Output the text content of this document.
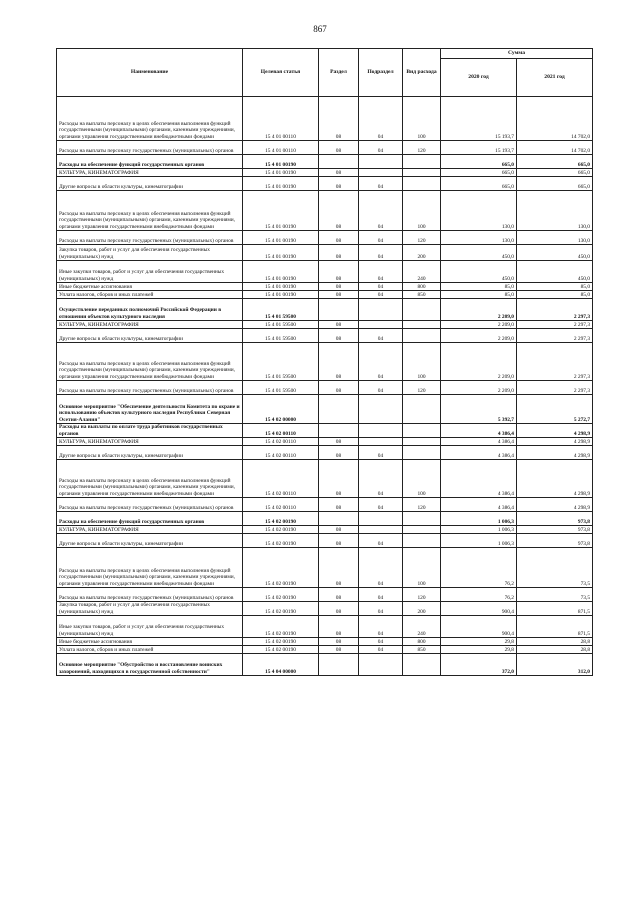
867
Наименование	Целевая статья	Раздел	Подраздел	Вид расхода	Сумма	
					2020 год	2021 год
Расходы на выплаты персоналу в целях обеспечения выполнения функций государственными (муниципальными) органами, казенными учреждениями, органами управления государственными внебюджетными фондами	15 4 01 00110	08	04	100	15 193,7	14 702,0
Расходы на выплаты персоналу государственных (муниципальных) органов	15 4 01 00110	08	04	120	15 193,7	14 702,0
Расходы на обеспечение функций государственных органов	15 4 01 00190				665,0	665,0
КУЛЬТУРА, КИНЕМАТОГРАФИЯ	15 4 01 00190	08			665,0	665,0
Другие вопросы в области культуры, кинематографии	15 4 01 00190	08	04		665,0	665,0
Расходы на выплаты персоналу в целях обеспечения выполнения функций государственными (муниципальными) органами, казенными учреждениями, органами управления государственными внебюджетными фондами	15 4 01 00190	08	04	100	130,0	130,0
Расходы на выплаты персоналу государственных (муниципальных) органов	15 4 01 00190	08	04	120	130,0	130,0
Закупка товаров, работ и услуг для обеспечения государственных (муниципальных) нужд	15 4 01 00190	08	04	200	450,0	450,0
Иные закупки товаров, работ и услуг для обеспечения государственных (муниципальных) нужд	15 4 01 00190	08	04	240	450,0	450,0
Иные бюджетные ассигнования	15 4 01 00190	08	04	800	85,0	85,0
Уплата налогов, сборов и иных платежей	15 4 01 00190	08	04	850	85,0	85,0
Осуществление переданных полномочий Российской Федерации в отношении объектов культурного наследия	15 4 01 59500				2 209,0	2 297,3
КУЛЬТУРА, КИНЕМАТОГРАФИЯ	15 4 01 59500	08			2 209,0	2 297,3
Другие вопросы в области культуры, кинематографии	15 4 01 59500	08	04		2 209,0	2 297,3
Расходы на выплаты персоналу в целях обеспечения выполнения функций государственными (муниципальными) органами, казенными учреждениями, органами управления государственными внебюджетными фондами	15 4 01 59500	08	04	100	2 209,0	2 297,3
Расходы на выплаты персоналу государственных (муниципальных) органов	15 4 01 59500	08	04	120	2 209,0	2 297,3
Основное мероприятие "Обеспечение деятельности Комитета по охране и использованию объектов культурного наследия Республики Северная Осетия-Алания"	15 4 02 00000				5 392,7	5 272,7
Расходы на выплаты по оплате труда работников государственных органов	15 4 02 00110				4 386,4	4 298,9
КУЛЬТУРА, КИНЕМАТОГРАФИЯ	15 4 02 00110	08			4 386,4	4 298,9
Другие вопросы в области культуры, кинематографии	15 4 02 00110	08	04		4 386,4	4 298,9
Расходы на выплаты персоналу в целях обеспечения выполнения функций государственными (муниципальными) органами, казенными учреждениями, органами управления государственными внебюджетными фондами	15 4 02 00110	08	04	100	4 386,4	4 298,9
Расходы на выплаты персоналу государственных (муниципальных) органов	15 4 02 00110	08	04	120	4 386,4	4 298,9
Расходы на обеспечение функций государственных органов	15 4 02 00190				1 006,3	973,8
КУЛЬТУРА, КИНЕМАТОГРАФИЯ	15 4 02 00190	08			1 006,3	973,8
Другие вопросы в области культуры, кинематографии	15 4 02 00190	08	04		1 006,3	973,8
Расходы на выплаты персоналу в целях обеспечения выполнения функций государственными (муниципальными) органами, казенными учреждениями, органами управления государственными внебюджетными фондами	15 4 02 00190	08	04	100	76,2	73,5
Расходы на выплаты персоналу государственных (муниципальных) органов	15 4 02 00190	08	04	120	76,2	73,5
Закупка товаров, работ и услуг для обеспечения государственных (муниципальных) нужд	15 4 02 00190	08	04	200	900,4	871,5
Иные закупки товаров, работ и услуг для обеспечения государственных (муниципальных) нужд	15 4 02 00190	08	04	240	900,4	871,5
Иные бюджетные ассигнования	15 4 02 00190	08	04	800	29,8	28,8
Уплата налогов, сборов и иных платежей	15 4 02 00190	08	04	850	29,8	28,8
Основное мероприятие "Обустройство и восстановление воинских захоронений, находящихся в государственной собственности"	15 4 04 00000				372,0	312,0
